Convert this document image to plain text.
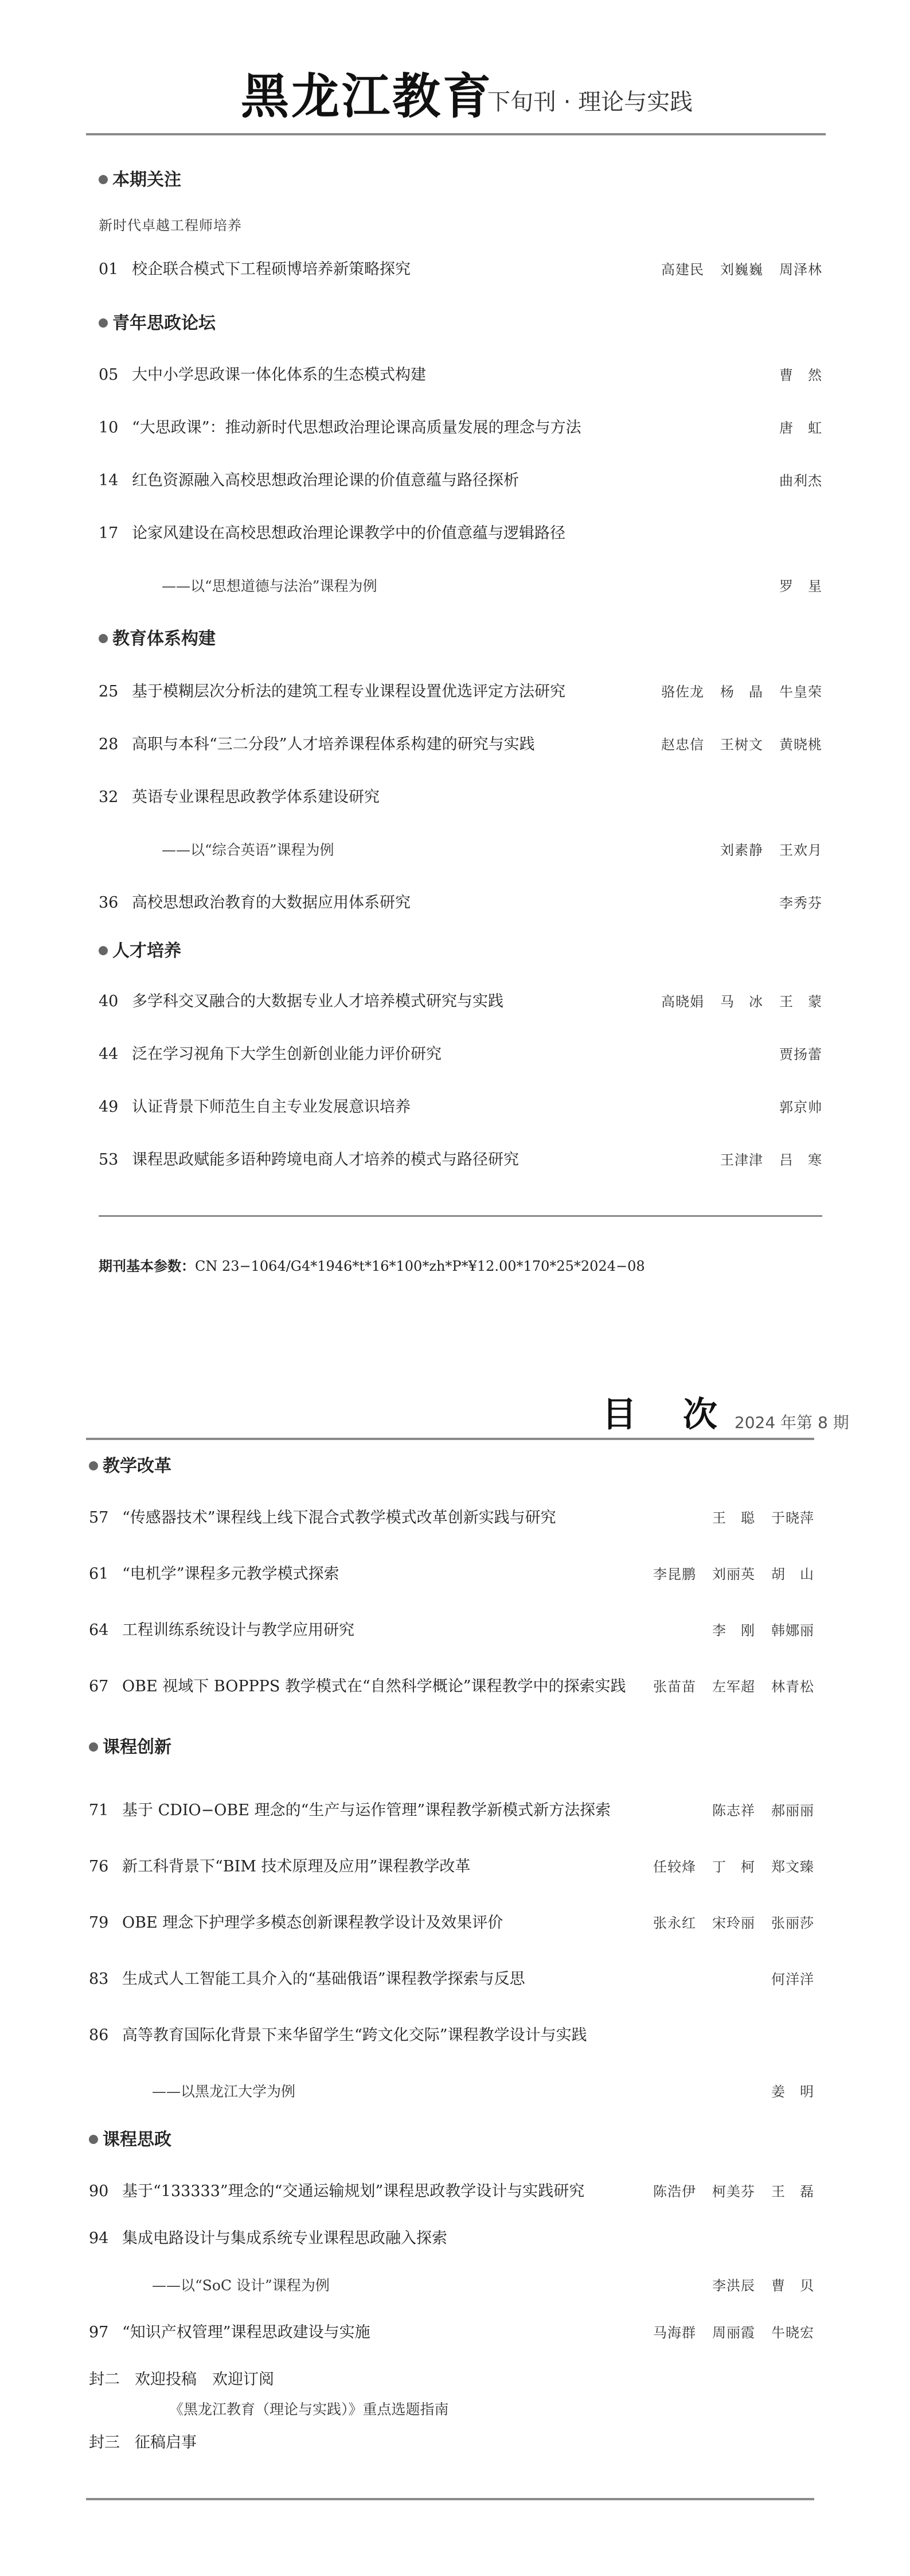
黑龙江教育
下旬刊 · 理论与实践
本期关注
新时代卓越工程师培养
01 校企联合模式下工程硕博培养新策略探究	高建民 刘巍巍 周泽林
青年思政论坛
05 大中小学思政课一体化体系的生态模式构建	曹　然
10 “大思政课”：推动新时代思想政治理论课高质量发展的理念与方法	唐　虹
14 红色资源融入高校思想政治理论课的价值意蕴与路径探析	曲利杰
17 论家风建设在高校思想政治理论课教学中的价值意蕴与逻辑路径
——以“思想道德与法治”课程为例	罗　星
教育体系构建
25 基于模糊层次分析法的建筑工程专业课程设置优选评定方法研究	骆佐龙 杨　晶 牛皇荣
28 高职与本科“三二分段”人才培养课程体系构建的研究与实践	赵忠信 王树文 黄晓桃
32 英语专业课程思政教学体系建设研究
——以“综合英语”课程为例	刘素静 王欢月
36 高校思想政治教育的大数据应用体系研究	李秀芬
人才培养
40 多学科交叉融合的大数据专业人才培养模式研究与实践	高晓娟 马　冰 王　蒙
44 泛在学习视角下大学生创新创业能力评价研究	贾扬蕾
49 认证背景下师范生自主专业发展意识培养	郭京帅
53 课程思政赋能多语种跨境电商人才培养的模式与路径研究	王津津 吕　寒
期刊基本参数：CN 23−1064/G4*1946*t*16*100*zh*P*¥12.00*170*25*2024−08
目 次2024 年第 8 期
教学改革
57 “传感器技术”课程线上线下混合式教学模式改革创新实践与研究	王　聪 于晓萍
61 “电机学”课程多元教学模式探索	李昆鹏 刘丽英 胡　山
64 工程训练系统设计与教学应用研究	李　刚 韩娜丽
67 OBE 视域下 BOPPPS 教学模式在“自然科学概论”课程教学中的探索实践	张苗苗 左军超 林青松
课程创新
71 基于 CDIO−OBE 理念的“生产与运作管理”课程教学新模式新方法探索	陈志祥 郝丽丽
76 新工科背景下“BIM 技术原理及应用”课程教学改革	任较烽 丁　柯 郑文臻
79 OBE 理念下护理学多模态创新课程教学设计及效果评价	张永红 宋玲丽 张丽莎
83 生成式人工智能工具介入的“基础俄语”课程教学探索与反思	何洋洋
86 高等教育国际化背景下来华留学生“跨文化交际”课程教学设计与实践
——以黑龙江大学为例	姜　明
课程思政
90 基于“133333”理念的“交通运输规划”课程思政教学设计与实践研究	陈浩伊 柯美芬 王　磊
94 集成电路设计与集成系统专业课程思政融入探索
——以“SoC 设计”课程为例	李洪辰 曹　贝
97 “知识产权管理”课程思政建设与实施	马海群 周丽霞 牛晓宏
封二 欢迎投稿　欢迎订阅
《黑龙江教育（理论与实践）》重点选题指南
封三 征稿启事
